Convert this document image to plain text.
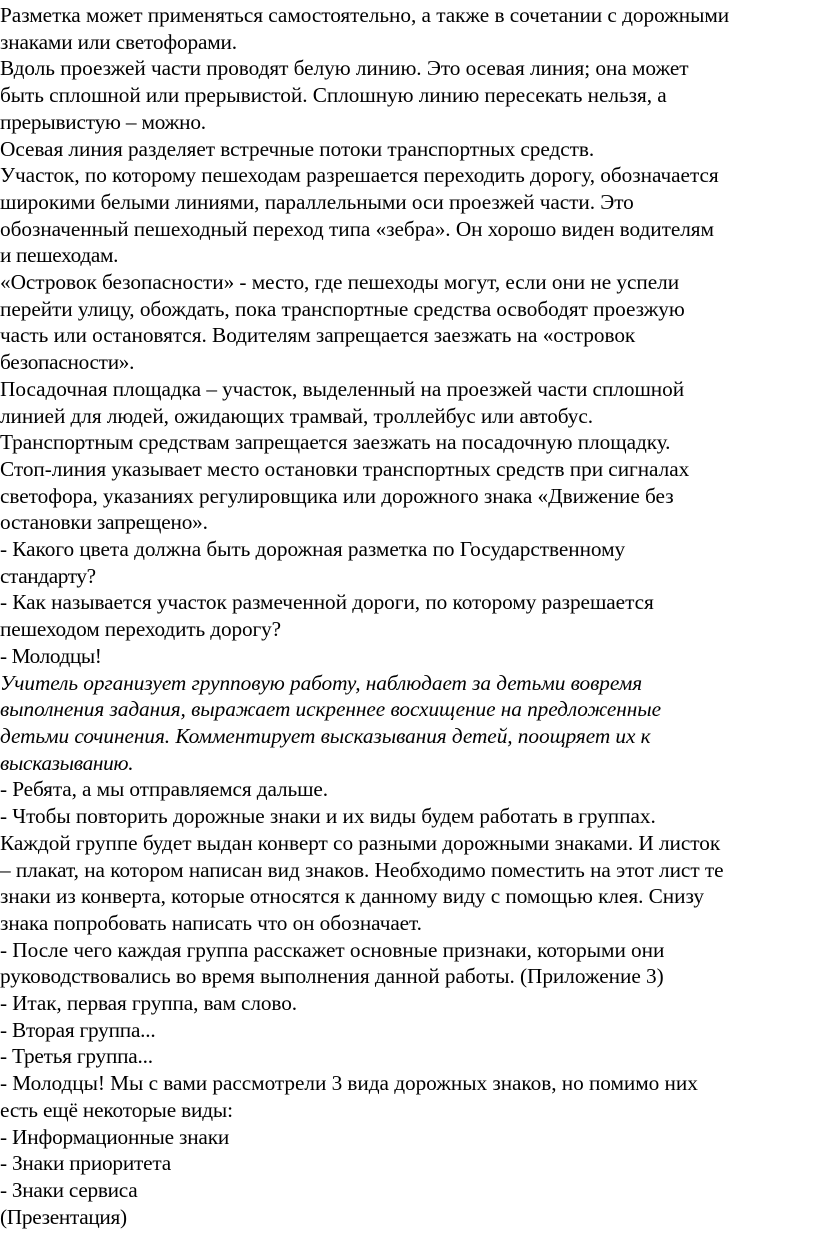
Разметка может применяться самостоятельно, а также в сочетании с дорожными

знаками или светофорами.

Вдоль проезжей части проводят белую линию. Это осевая линия; она может

быть сплошной или прерывистой. Сплошную линию пересекать нельзя, а

прерывистую – можно.

Осевая линия разделяет встречные потоки транспортных средств.

Участок, по которому пешеходам разрешается переходить дорогу, обозначается

широкими белыми линиями, параллельными оси проезжей части. Это

обозначенный пешеходный переход типа «зебра». Он хорошо виден водителям

и пешеходам.

«Островок безопасности» - место, где пешеходы могут, если они не успели

перейти улицу, обождать, пока транспортные средства освободят проезжую

часть или остановятся. Водителям запрещается заезжать на «островок

безопасности».

Посадочная площадка – участок, выделенный на проезжей части сплошной

линией для людей, ожидающих трамвай, троллейбус или автобус.

Транспортным средствам запрещается заезжать на посадочную площадку.

Стоп-линия указывает место остановки транспортных средств при сигналах

светофора, указаниях регулировщика или дорожного знака «Движение без

остановки запрещено».

- Какого цвета должна быть дорожная разметка по Государственному

стандарту?

- Как называется участок размеченной дороги, по которому разрешается

пешеходом переходить дорогу?

- Молодцы!

Учитель организует групповую работу, наблюдает за детьми вовремя

выполнения задания, выражает искреннее восхищение на предложенные

детьми сочинения. Комментирует высказывания детей, поощряет их к

высказыванию.

- Ребята, а мы отправляемся дальше.

- Чтобы повторить дорожные знаки и их виды будем работать в группах.

Каждой группе будет выдан конверт со разными дорожными знаками. И листок

– плакат, на котором написан вид знаков. Необходимо поместить на этот лист те

знаки из конверта, которые относятся к данному виду с помощью клея. Снизу

знака попробовать написать что он обозначает.

- После чего каждая группа расскажет основные признаки, которыми они

руководствовались во время выполнения данной работы. (Приложение 3)

- Итак, первая группа, вам слово.

- Вторая группа...

- Третья группа...

- Молодцы! Мы с вами рассмотрели 3 вида дорожных знаков, но помимо них

есть ещё некоторые виды:

- Информационные знаки

- Знаки приоритета

- Знаки сервиса

(Презентация)
